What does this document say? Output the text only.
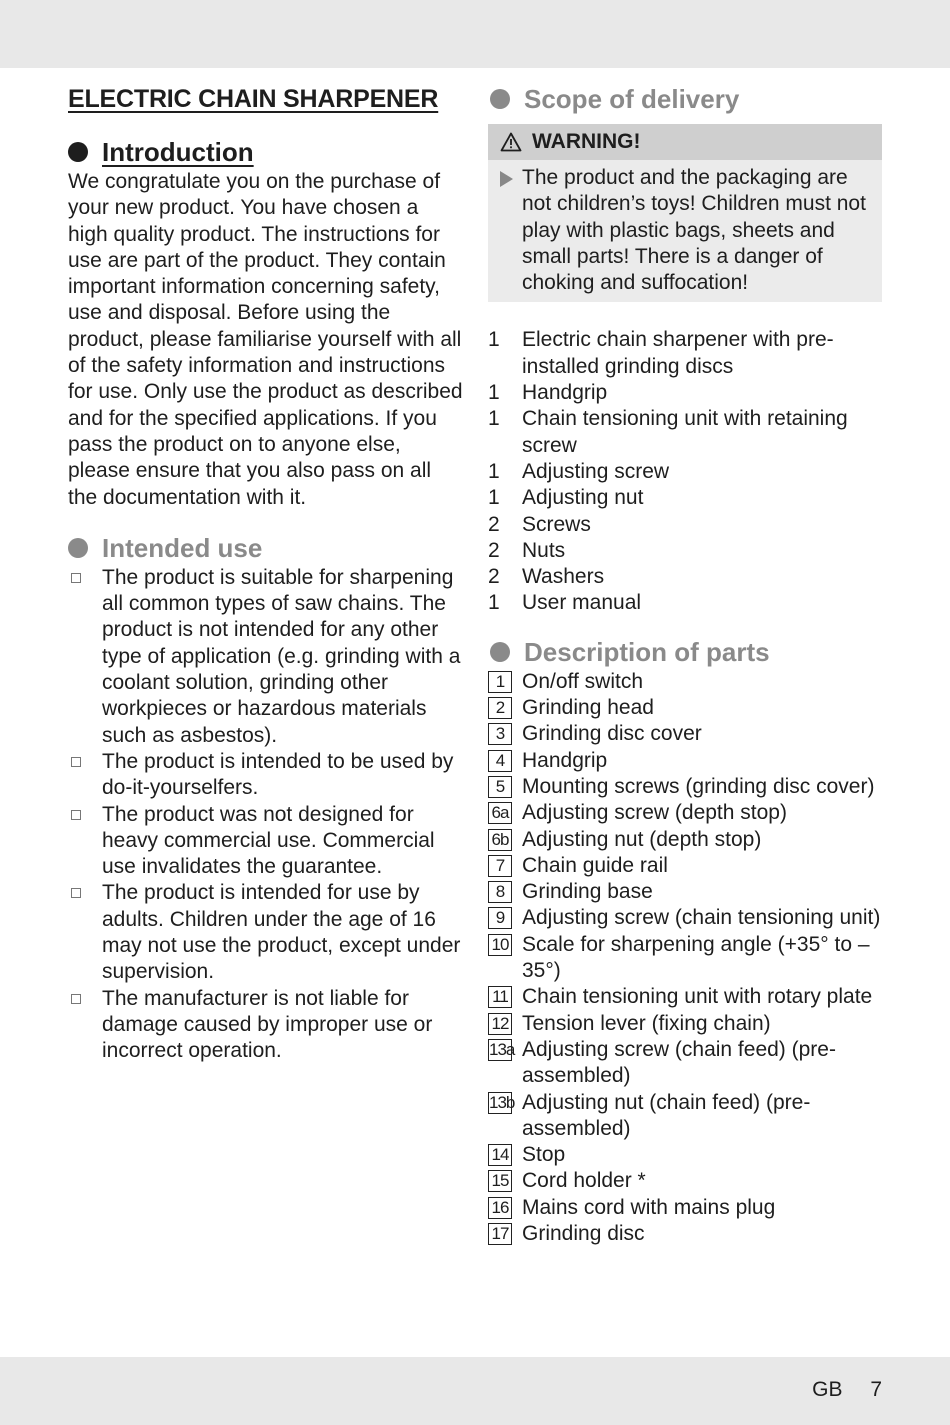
ELECTRIC CHAIN SHARPENER
Introduction

We congratulate you on the purchase of your new product. You have chosen a high quality product. The instructions for use are part of the product. They contain important information concerning safety, use and disposal. Before using the product, please familiarise yourself with all of the safety information and instructions for use. Only use the product as described and for the specified applications. If you pass the product on to anyone else, please ensure that you also pass on all the documentation with it.

Intended use
The product is suitable for sharpening all common types of saw chains. The product is not intended for any other type of application (e.g. grinding with a coolant solution, grinding other workpieces or hazardous materials such as asbestos).
The product is intended to be used by do-it-yourselfers.
The product was not designed for heavy commercial use. Commercial use invalidates the guarantee.
The product is intended for use by adults. Children under the age of 16 may not use the product, except under supervision.
The manufacturer is not liable for damage caused by improper use or incorrect operation.
Scope of delivery
WARNING!
The product and the packaging are not children’s toys! Children must not play with plastic bags, sheets and small parts! There is a danger of choking and suffocation!
1 Electric chain sharpener with pre-installed grinding discs
1 Handgrip
1 Chain tensioning unit with retaining screw
1 Adjusting screw
1 Adjusting nut
2 Screws
2 Nuts
2 Washers
1 User manual
Description of parts
1 On/off switch
2 Grinding head
3 Grinding disc cover
4 Handgrip
5 Mounting screws (grinding disc cover)
6a Adjusting screw (depth stop)
6b Adjusting nut (depth stop)
7 Chain guide rail
8 Grinding base
9 Adjusting screw (chain tensioning unit)
10 Scale for sharpening angle (+35° to –35°)
11 Chain tensioning unit with rotary plate
12 Tension lever (fixing chain)
13a Adjusting screw (chain feed) (pre-assembled)
13b Adjusting nut (chain feed) (pre-assembled)
14 Stop
15 Cord holder *
16 Mains cord with mains plug
17 Grinding disc
GB 7
